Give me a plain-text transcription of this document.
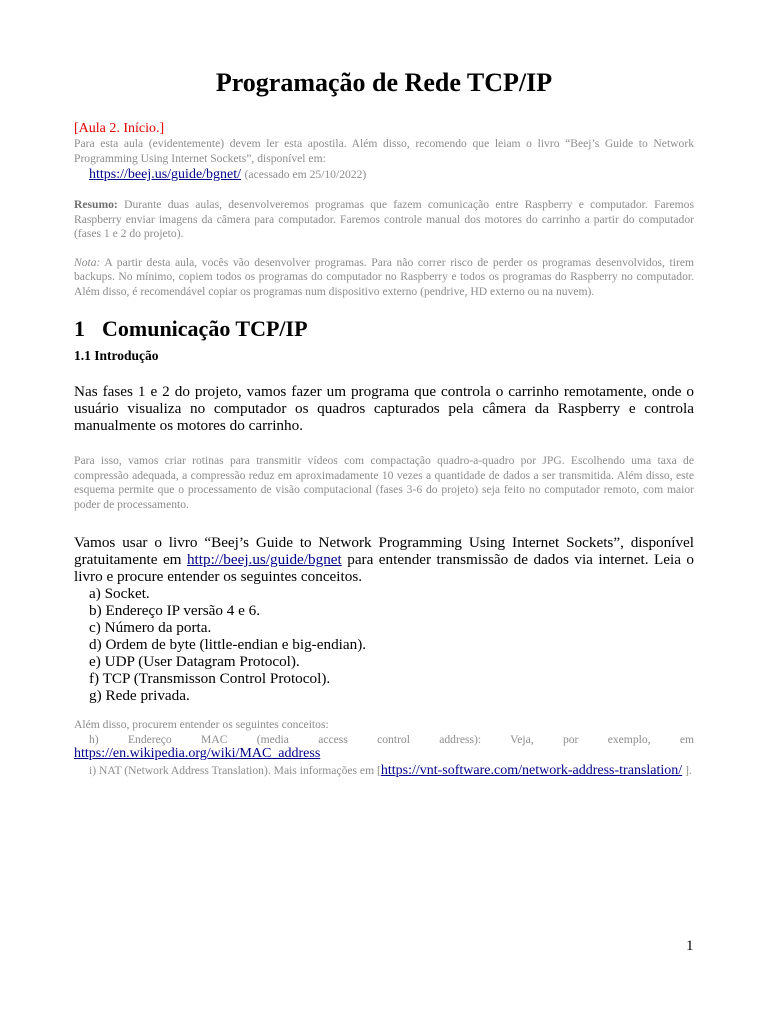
Programação de Rede TCP/IP
[Aula 2. Início.]

Para esta aula (evidentemente) devem ler esta apostila. Além disso, recomendo que leiam o livro “Beej’s Guide to Network Programming Using Internet Sockets”, disponível em:

https://beej.us/guide/bgnet/ (acessado em 25/10/2022)

Resumo: Durante duas aulas, desenvolveremos programas que fazem comunicação entre Raspberry e computador. Faremos Raspberry enviar imagens da câmera para computador. Faremos controle manual dos motores do carrinho a partir do computador (fases 1 e 2 do projeto).

Nota: A partir desta aula, vocês vão desenvolver programas. Para não correr risco de perder os programas desenvolvidos, tirem backups. No mínimo, copiem todos os programas do computador no Raspberry e todos os programas do Raspberry no computador. Além disso, é recomendável copiar os programas num dispositivo externo (pendrive, HD externo ou na nuvem).

1 Comunicação TCP/IP
1.1 Introdução

Nas fases 1 e 2 do projeto, vamos fazer um programa que controla o carrinho remotamente, onde o usuário visualiza no computador os quadros capturados pela câmera da Raspberry e controla manualmente os motores do carrinho.

Para isso, vamos criar rotinas para transmitir vídeos com compactação quadro-a-quadro por JPG. Escolhendo uma taxa de compressão adequada, a compressão reduz em aproximadamente 10 vezes a quantidade de dados a ser transmitida. Além disso, este esquema permite que o processamento de visão computacional (fases 3-6 do projeto) seja feito no computador remoto, com maior poder de processamento.

Vamos usar o livro “Beej’s Guide to Network Programming Using Internet Sockets”, disponível gratuitamente em http://beej.us/guide/bgnet para entender transmissão de dados via internet. Leia o livro e procure entender os seguintes conceitos.

a) Socket.
b) Endereço IP versão 4 e 6.
c) Número da porta.
d) Ordem de byte (little-endian e big-endian).
e) UDP (User Datagram Protocol).
f) TCP (Transmisson Control Protocol).
g) Rede privada.

Além disso, procurem entender os seguintes conceitos:

h) Endereço MAC (media access control address): Veja, por exemplo, em

https://en.wikipedia.org/wiki/MAC_address

i) NAT (Network Address Translation). Mais informações em [https://vnt-software.com/network-address-translation/ ].

1
